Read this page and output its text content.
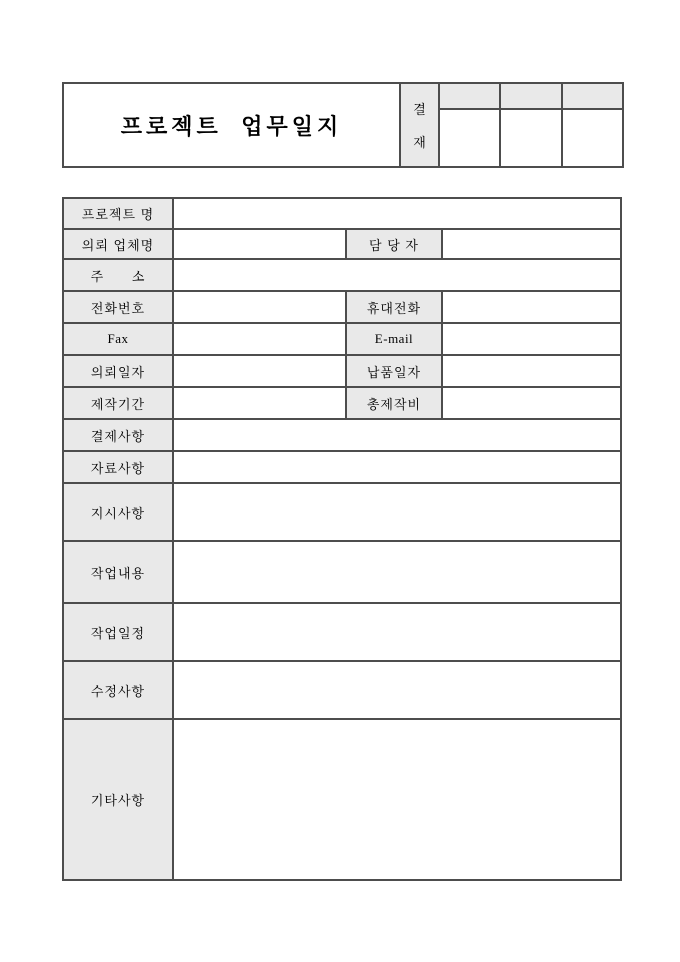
프로젝트 업무일지	결
재			

프로젝트 명			
의뢰 업체명		담 당 자	
주      소			
전화번호		휴대전화	
Fax		E-mail	
의뢰일자		납품일자	
제작기간		총제작비	
결제사항			
자료사항			
지시사항			
작업내용			
작업일정			
수정사항			
기타사항			
